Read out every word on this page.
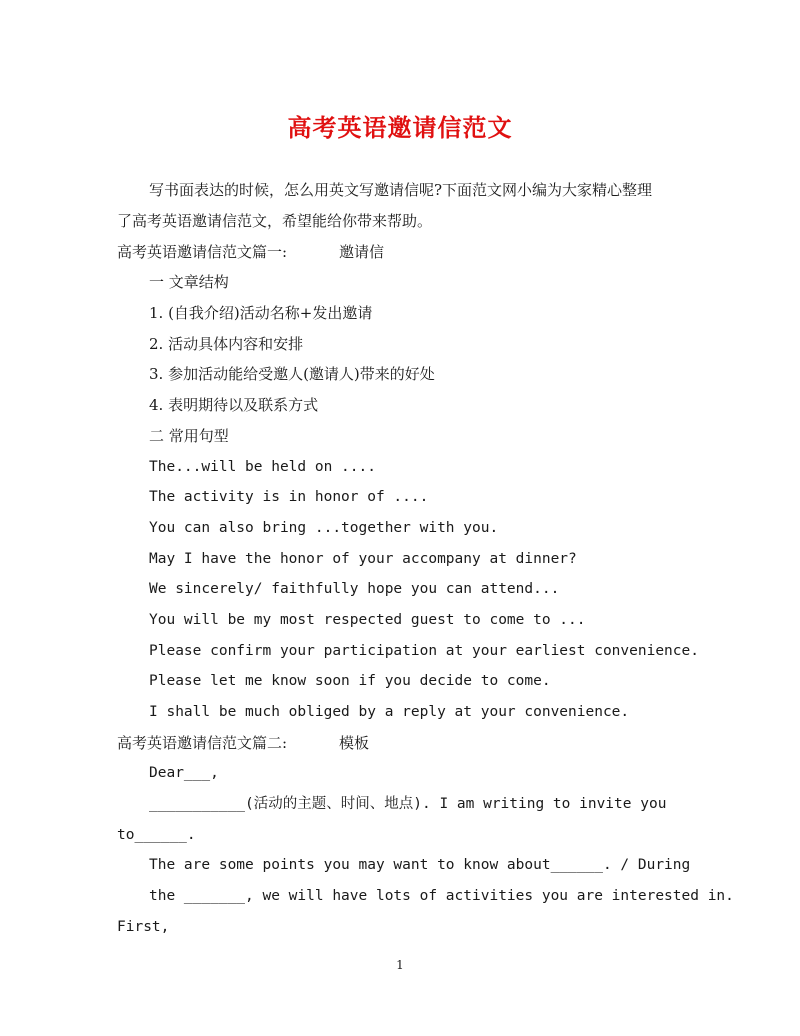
高考英语邀请信范文
写书面表达的时候，怎么用英文写邀请信呢?下面范文网小编为大家精心整理
了高考英语邀请信范文，希望能给你带来帮助。
高考英语邀请信范文篇一:	邀请信
一 文章结构
1. (自我介绍)活动名称+发出邀请
2. 活动具体内容和安排
3. 参加活动能给受邀人(邀请人)带来的好处
4. 表明期待以及联系方式
二 常用句型
The...will be held on ....
The activity is in honor of ....
You can also bring ...together with you.
May I have the honor of your accompany at dinner?
We sincerely/ faithfully hope you can attend...
You will be my most respected guest to come to ...
Please confirm your participation at your earliest convenience.
Please let me know soon if you decide to come.
I shall be much obliged by a reply at your convenience.
高考英语邀请信范文篇二:	模板
Dear___,
___________(活动的主题、时间、地点). I am writing to invite you
to______.
The are some points you may want to know about______. / During
the _______, we will have lots of activities you are interested in.
First,
1
